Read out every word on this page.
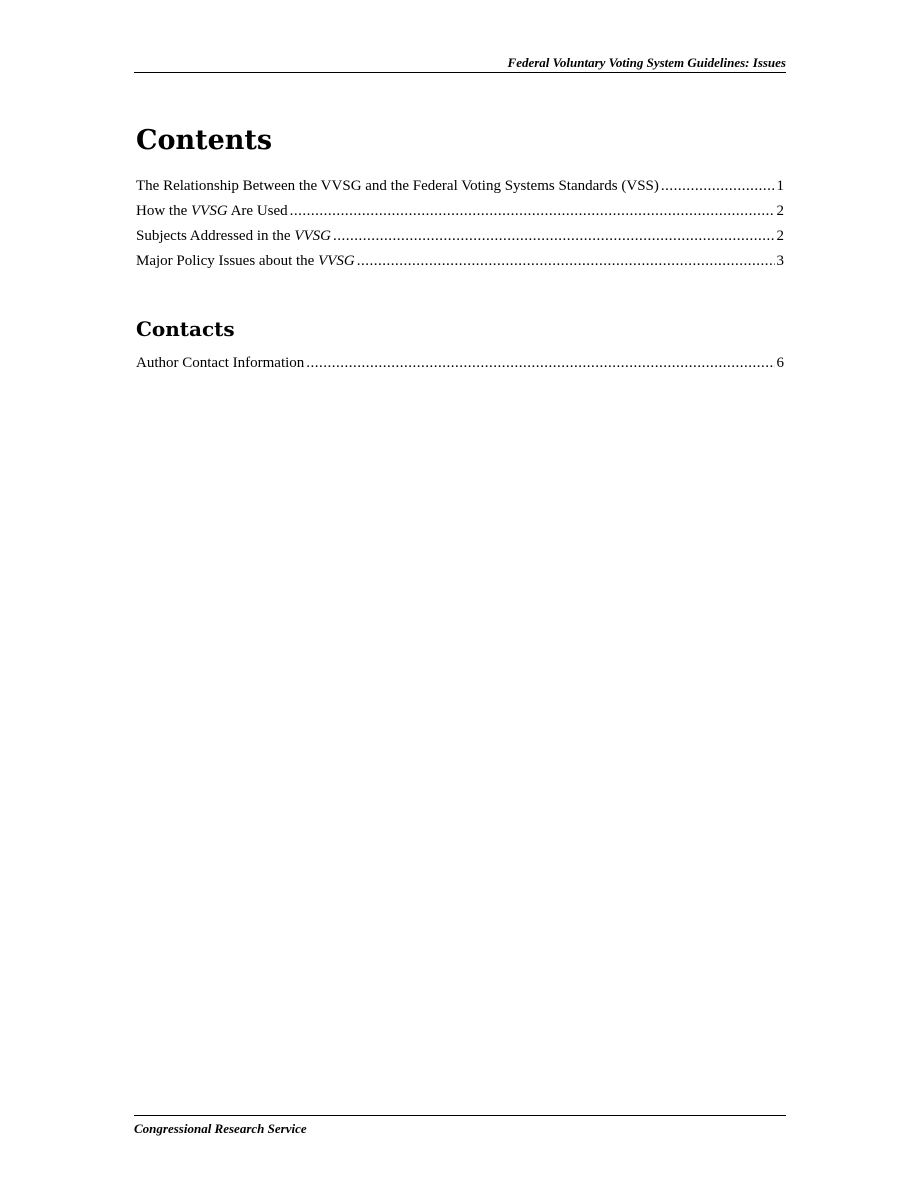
Federal Voluntary Voting System Guidelines: Issues
Contents
The Relationship Between the VVSG and the Federal Voting Systems Standards (VSS) .....	1
How the VVSG Are Used .....	2
Subjects Addressed in the VVSG .....	2
Major Policy Issues about the VVSG .....	3
Contacts
Author Contact Information .....	6
Congressional Research Service
